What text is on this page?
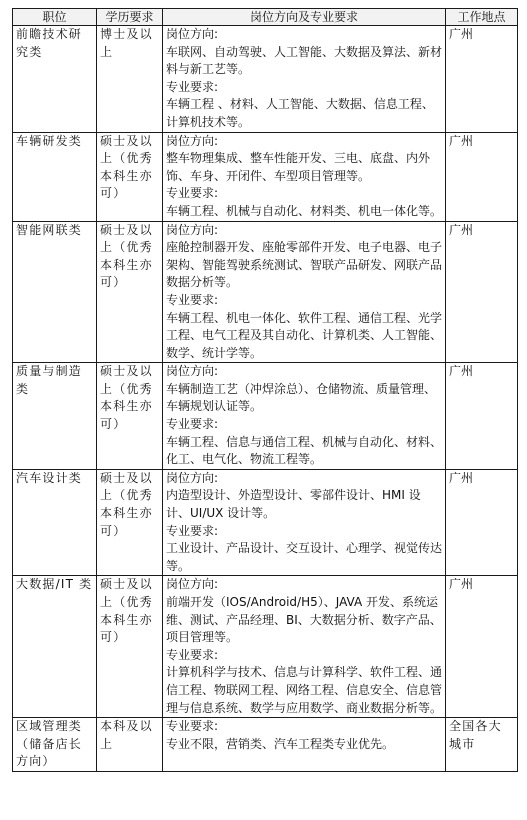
职位	学历要求	岗位方向及专业要求	工作地点
前瞻技术研究类	博士及以上	岗位方向:
车联网、自动驾驶、人工智能、大数据及算法、新材料与新工艺等。
专业要求:
车辆工程 、材料、人工智能、大数据、信息工程、计算机技术等。	广州
车辆研发类	硕士及以上（优秀本科生亦可）	岗位方向:
整车物理集成、整车性能开发、三电、底盘、内外饰、车身、开闭件、车型项目管理等。
专业要求:
车辆工程、机械与自动化、材料类、机电一体化等。	广州
智能网联类	硕士及以上（优秀本科生亦可）	岗位方向:
座舱控制器开发、座舱零部件开发、电子电器、电子架构、智能驾驶系统测试、智联产品研发、网联产品数据分析等。
专业要求:
车辆工程、机电一体化、软件工程、通信工程、光学工程、电气工程及其自动化、计算机类、人工智能、数学、统计学等。	广州
质量与制造类	硕士及以上（优秀本科生亦可）	岗位方向:
车辆制造工艺（冲焊涂总）、仓储物流、质量管理、车辆规划认证等。
专业要求:
车辆工程、信息与通信工程、机械与自动化、材料、化工、电气化、物流工程等。	广州
汽车设计类	硕士及以上（优秀本科生亦可）	岗位方向:
内造型设计、外造型设计、零部件设计、HMI 设计、UI/UX 设计等。
专业要求:
工业设计、产品设计、交互设计、心理学、视觉传达等。	广州
大数据/IT 类	硕士及以上（优秀本科生亦可）	岗位方向:
前端开发（IOS/Android/H5）、JAVA 开发、系统运维、测试、产品经理、BI、大数据分析、数字产品、项目管理等。
专业要求:
计算机科学与技术、信息与计算科学、软件工程、通信工程、物联网工程、网络工程、信息安全、信息管理与信息系统、数学与应用数学、商业数据分析等。	广州
区域管理类（储备店长方向）	本科及以上	专业要求:
专业不限，营销类、汽车工程类专业优先。	全国各大城市
